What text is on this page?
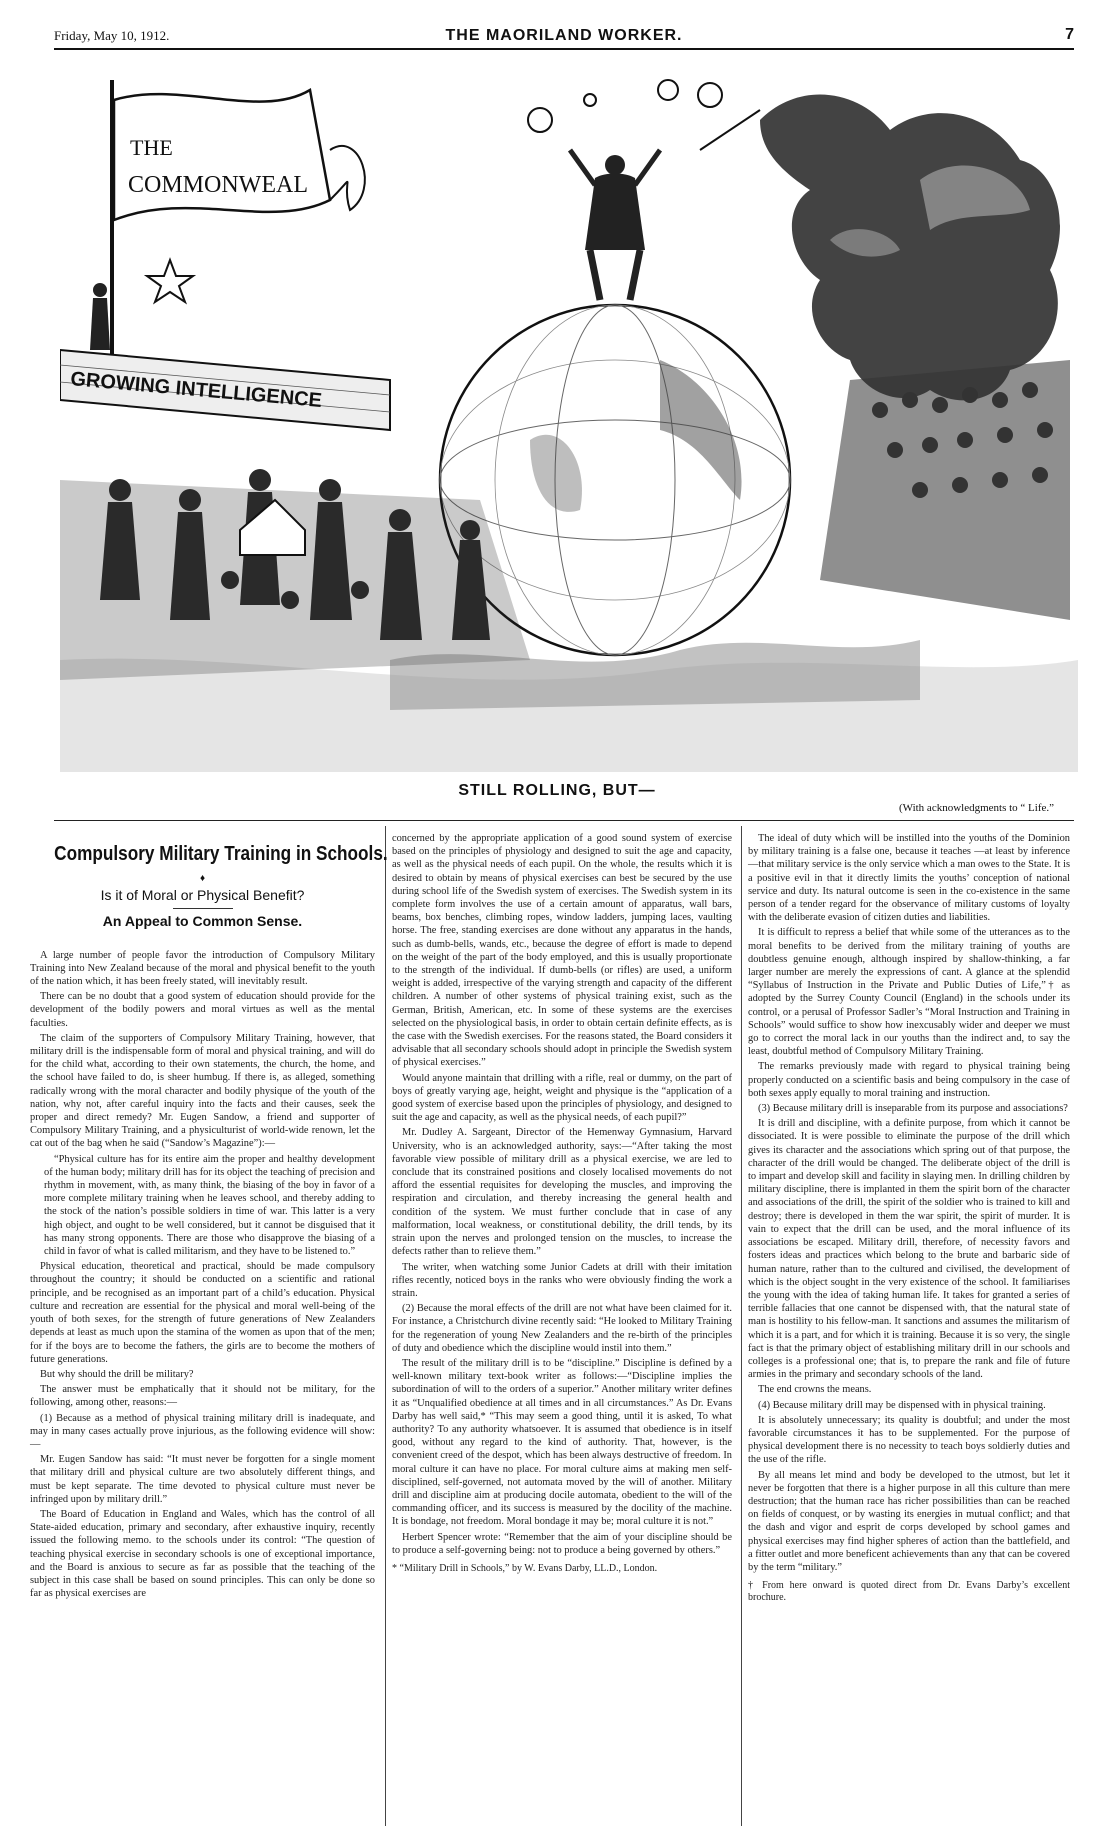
Friday, May 10, 1912.	THE MAORILAND WORKER.	7
THE
COMMONWEAL
GROWING INTELLIGENCE
STILL ROLLING, BUT—
(With acknowledgments to “ Life.”
Compulsory Military Training in Schools.
♦
Is it of Moral or Physical Benefit?
An Appeal to Common Sense.

A large number of people favor the introduction of Compulsory Military Training into New Zealand because of the moral and physical benefit to the youth of the nation which, it has been freely stated, will inevitably result.

There can be no doubt that a good system of education should provide for the development of the bodily powers and moral virtues as well as the mental faculties.

The claim of the supporters of Compulsory Military Training, however, that military drill is the indispensable form of moral and physical training, and will do for the child what, according to their own statements, the church, the home, and the school have failed to do, is sheer humbug. If there is, as alleged, something radically wrong with the moral character and bodily physique of the youth of the nation, why not, after careful inquiry into the facts and their causes, seek the proper and direct remedy? Mr. Eugen Sandow, a friend and supporter of Compulsory Military Training, and a physiculturist of world-wide renown, let the cat out of the bag when he said (“Sandow’s Magazine”):—

“Physical culture has for its entire aim the proper and healthy development of the human body; military drill has for its object the teaching of precision and rhythm in movement, with, as many think, the biasing of the boy in favor of a more complete military training when he leaves school, and thereby adding to the stock of the nation’s possible soldiers in time of war. This latter is a very high object, and ought to be well considered, but it cannot be disguised that it has many strong opponents. There are those who disapprove the biasing of a child in favor of what is called militarism, and they have to be listened to.”

Physical education, theoretical and practical, should be made compulsory throughout the country; it should be conducted on a scientific and rational principle, and be recognised as an important part of a child’s education. Physical culture and recreation are essential for the physical and moral well-being of the youth of both sexes, for the strength of future generations of New Zealanders depends at least as much upon the stamina of the women as upon that of the men; for if the boys are to become the fathers, the girls are to become the mothers of future generations.

But why should the drill be military?

The answer must be emphatically that it should not be military, for the following, among other, reasons:—

(1) Because as a method of physical training military drill is inadequate, and may in many cases actually prove injurious, as the following evidence will show:—

Mr. Eugen Sandow has said: “It must never be forgotten for a single moment that military drill and physical culture are two absolutely different things, and must be kept separate. The time devoted to physical culture must never be infringed upon by military drill.”

The Board of Education in England and Wales, which has the control of all State-aided education, primary and secondary, after exhaustive inquiry, recently issued the following memo. to the schools under its control: “The question of teaching physical exercise in secondary schools is one of exceptional importance, and the Board is anxious to secure as far as possible that the teaching of the subject in this case shall be based on sound principles. This can only be done so far as physical exercises are

concerned by the appropriate application of a good sound system of exercise based on the principles of physiology and designed to suit the age and capacity, as well as the physical needs of each pupil. On the whole, the results which it is desired to obtain by means of physical exercises can best be secured by the use during school life of the Swedish system of exercises. The Swedish system in its complete form involves the use of a certain amount of apparatus, wall bars, beams, box benches, climbing ropes, window ladders, jumping laces, vaulting horse. The free, standing exercises are done without any apparatus in the hands, such as dumb-bells, wands, etc., because the degree of effort is made to depend on the weight of the part of the body employed, and this is usually proportionate to the strength of the individual. If dumb-bells (or rifles) are used, a uniform weight is added, irrespective of the varying strength and capacity of the different children. A number of other systems of physical training exist, such as the German, British, American, etc. In some of these systems are the exercises selected on the physiological basis, in order to obtain certain definite effects, as is the case with the Swedish exercises. For the reasons stated, the Board considers it advisable that all secondary schools should adopt in principle the Swedish system of physical exercises.”

Would anyone maintain that drilling with a rifle, real or dummy, on the part of boys of greatly varying age, height, weight and physique is the “application of a good system of exercise based upon the principles of physiology, and designed to suit the age and capacity, as well as the physical needs, of each pupil?”

Mr. Dudley A. Sargeant, Director of the Hemenway Gymnasium, Harvard University, who is an acknowledged authority, says:—“After taking the most favorable view possible of military drill as a physical exercise, we are led to conclude that its constrained positions and closely localised movements do not afford the essential requisites for developing the muscles, and improving the respiration and circulation, and thereby increasing the general health and condition of the system. We must further conclude that in case of any malformation, local weakness, or constitutional debility, the drill tends, by its strain upon the nerves and prolonged tension on the muscles, to increase the defects rather than to relieve them.”

The writer, when watching some Junior Cadets at drill with their imitation rifles recently, noticed boys in the ranks who were obviously finding the work a strain.

(2) Because the moral effects of the drill are not what have been claimed for it. For instance, a Christchurch divine recently said: “He looked to Military Training for the regeneration of young New Zealanders and the re-birth of the principles of duty and obedience which the discipline would instil into them.”

The result of the military drill is to be “discipline.” Discipline is defined by a well-known military text-book writer as follows:—“Discipline implies the subordination of will to the orders of a superior.” Another military writer defines it as “Unqualified obedience at all times and in all circumstances.” As Dr. Evans Darby has well said,* “This may seem a good thing, until it is asked, To what authority? To any authority whatsoever. It is assumed that obedience is in itself good, without any regard to the kind of authority. That, however, is the convenient creed of the despot, which has been always destructive of freedom. In moral culture it can have no place. For moral culture aims at making men self-disciplined, self-governed, not automata moved by the will of another. Military drill and discipline aim at producing docile automata, obedient to the will of the commanding officer, and its success is measured by the docility of the machine. It is bondage, not freedom. Moral bondage it may be; moral culture it is not.”

Herbert Spencer wrote: “Remember that the aim of your discipline should be to produce a self-governing being: not to produce a being governed by others.”

* “Military Drill in Schools,” by W. Evans Darby, LL.D., London.

The ideal of duty which will be instilled into the youths of the Dominion by military training is a false one, because it teaches —at least by inference—that military service is the only service which a man owes to the State. It is a positive evil in that it directly limits the youths’ conception of national service and duty. Its natural outcome is seen in the co-existence in the same person of a tender regard for the observance of military customs of loyalty with the deliberate evasion of citizen duties and liabilities.

It is difficult to repress a belief that while some of the utterances as to the moral benefits to be derived from the military training of youths are doubtless genuine enough, although inspired by shallow-thinking, a far larger number are merely the expressions of cant. A glance at the splendid “Syllabus of Instruction in the Private and Public Duties of Life,”† as adopted by the Surrey County Council (England) in the schools under its control, or a perusal of Professor Sadler’s “Moral Instruction and Training in Schools” would suffice to show how inexcusably wider and deeper we must go to correct the moral lack in our youths than the indirect and, to say the least, doubtful method of Compulsory Military Training.

The remarks previously made with regard to physical training being properly conducted on a scientific basis and being compulsory in the case of both sexes apply equally to moral training and instruction.

(3) Because military drill is inseparable from its purpose and associations?

It is drill and discipline, with a definite purpose, from which it cannot be dissociated. It is were possible to eliminate the purpose of the drill which gives its character and the associations which spring out of that purpose, the character of the drill would be changed. The deliberate object of the drill is to impart and develop skill and facility in slaying men. In drilling children by military discipline, there is implanted in them the spirit born of the character and associations of the drill, the spirit of the soldier who is trained to kill and destroy; there is developed in them the war spirit, the spirit of murder. It is vain to expect that the drill can be used, and the moral influence of its associations be escaped. Military drill, therefore, of necessity favors and fosters ideas and practices which belong to the brute and barbaric side of human nature, rather than to the cultured and civilised, the development of which is the object sought in the very existence of the school. It familiarises the young with the idea of taking human life. It takes for granted a series of terrible fallacies that one cannot be dispensed with, that the natural state of man is hostility to his fellow-man. It sanctions and assumes the militarism of which it is a part, and for which it is training. Because it is so very, the single fact is that the primary object of establishing military drill in our schools and colleges is a professional one; that is, to prepare the rank and file of future armies in the primary and secondary schools of the land.

The end crowns the means.

(4) Because military drill may be dispensed with in physical training.

It is absolutely unnecessary; its quality is doubtful; and under the most favorable circumstances it has to be supplemented. For the purpose of physical development there is no necessity to teach boys soldierly duties and the use of the rifle.

By all means let mind and body be developed to the utmost, but let it never be forgotten that there is a higher purpose in all this culture than mere destruction; that the human race has richer possibilities than can be reached on fields of conquest, or by wasting its energies in mutual conflict; and that the dash and vigor and esprit de corps developed by school games and physical exercises may find higher spheres of action than the battlefield, and a fitter outlet and more beneficent achievements than any that can be covered by the term “military.”

† From here onward is quoted direct from Dr. Evans Darby’s excellent brochure.
